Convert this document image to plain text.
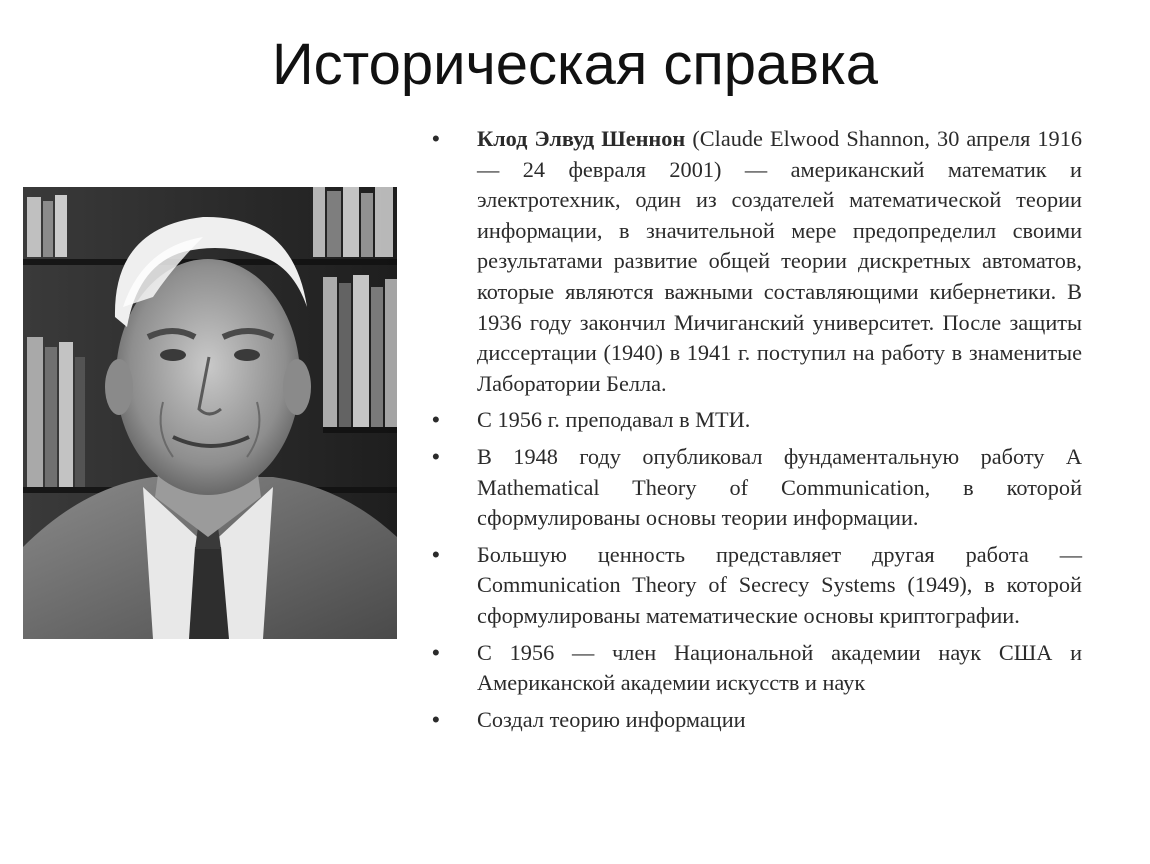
Историческая справка
• Клод Элвуд Шеннон (Claude Elwood Shannon, 30 апреля 1916 — 24 февраля 2001) — американский математик и электротехник, один из создателей математической теории информации, в значительной мере предопределил своими результатами развитие общей теории дискретных автоматов, которые являются важными составляющими кибернетики. В 1936 году закончил Мичиганский университет. После защиты диссертации (1940) в 1941 г. поступил на работу в знаменитые Лаборатории Белла.
• С 1956 г. преподавал в МТИ.
• В 1948 году опубликовал фундаментальную работу A Mathematical Theory of Communication, в которой сформулированы основы теории информации.
• Большую ценность представляет другая работа — Communication Theory of Secrecy Systems (1949), в которой сформулированы математические основы криптографии.
• С 1956 — член Национальной академии наук США и Американской академии искусств и наук
• Создал теорию информации
